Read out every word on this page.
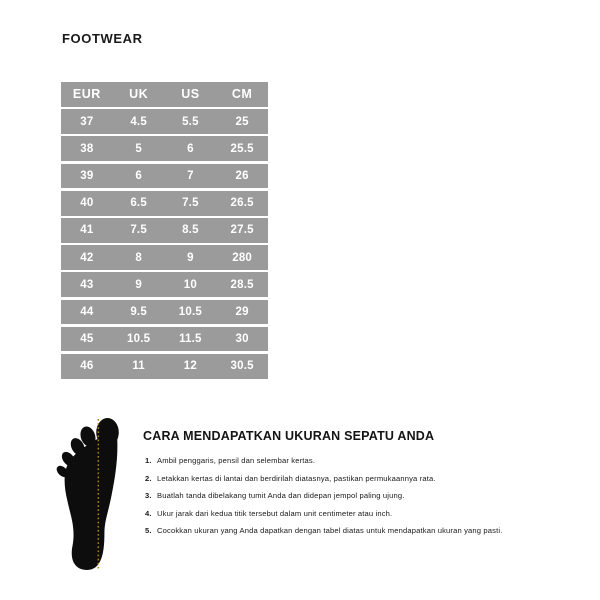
FOOTWEAR
EUR	UK	US	CM
37	4.5	5.5	25
38	5	6	25.5
39	6	7	26
40	6.5	7.5	26.5
41	7.5	8.5	27.5
42	8	9	280
43	9	10	28.5
44	9.5	10.5	29
45	10.5	11.5	30
46	11	12	30.5
CARA MENDAPATKAN UKURAN SEPATU ANDA
1. Ambil penggaris, pensil dan selembar kertas.
2. Letakkan kertas di lantai dan berdirilah diatasnya, pastikan permukaannya rata.
3. Buatlah tanda dibelakang tumit Anda dan didepan jempol paling ujung.
4. Ukur jarak dari kedua titik tersebut dalam unit centimeter atau inch.
5. Cocokkan ukuran yang Anda dapatkan dengan tabel diatas untuk mendapatkan ukuran yang pasti.
